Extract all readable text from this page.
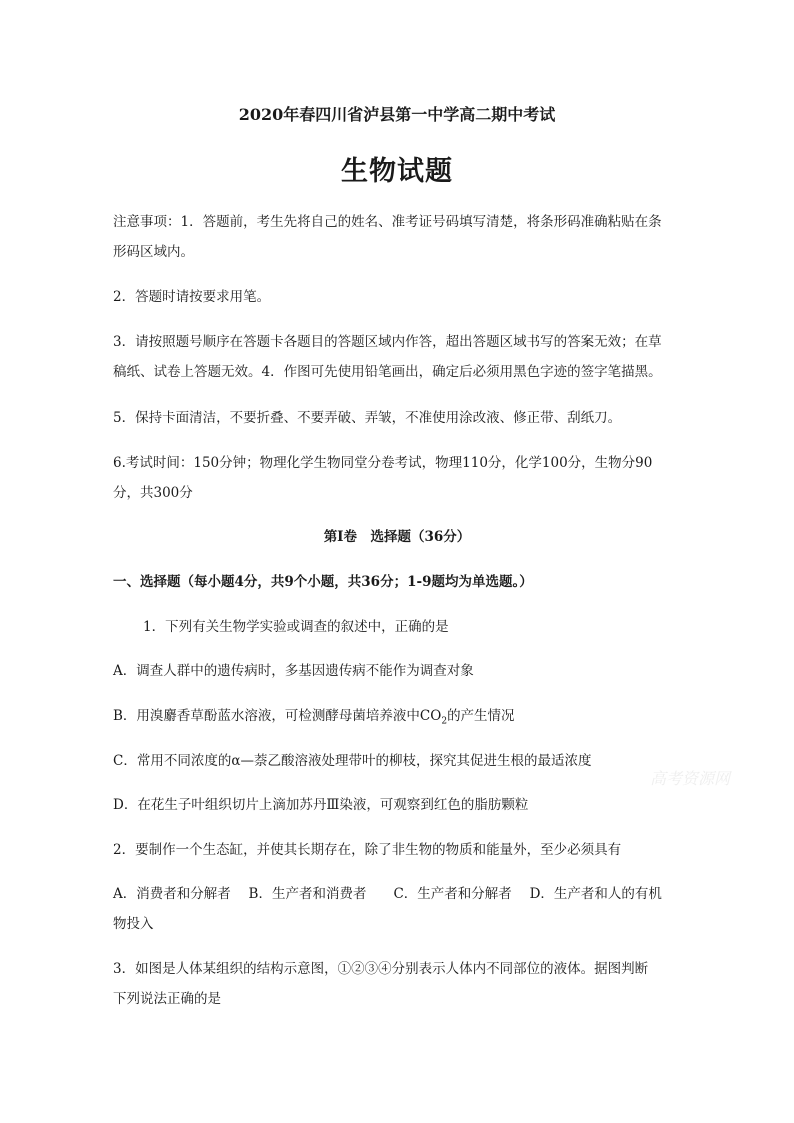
2020年春四川省泸县第一中学高二期中考试
生物试题
注意事项：1．答题前，考生先将自己的姓名、准考证号码填写清楚，将条形码准确粘贴在条
形码区域内。
2．答题时请按要求用笔。
3．请按照题号顺序在答题卡各题目的答题区域内作答，超出答题区域书写的答案无效；在草
稿纸、试卷上答题无效。4．作图可先使用铅笔画出，确定后必须用黑色字迹的签字笔描黑。
5．保持卡面清洁，不要折叠、不要弄破、弄皱，不准使用涂改液、修正带、刮纸刀。
6.考试时间：150分钟；物理化学生物同堂分卷考试，物理110分，化学100分，生物分90
分，共300分
第I卷　选择题（36分）
一、选择题（每小题4分，共9个小题，共36分；1-9题均为单选题。）
1．下列有关生物学实验或调查的叙述中，正确的是
A．调查人群中的遗传病时，多基因遗传病不能作为调查对象
B．用溴麝香草酚蓝水溶液，可检测酵母菌培养液中$CO_2$的产生情况
C．常用不同浓度的α—萘乙酸溶液处理带叶的柳枝，探究其促进生根的最适浓度
D．在花生子叶组织切片上滴加苏丹Ⅲ染液，可观察到红色的脂肪颗粒
2．要制作一个生态缸，并使其长期存在，除了非生物的物质和能量外，至少必须具有
A．消费者和分解者　 B．生产者和消费者　　C．生产者和分解者　 D．生产者和人的有机
物投入
3．如图是人体某组织的结构示意图，①②③④分别表示人体内不同部位的液体。据图判断
下列说法正确的是
高考资源网
